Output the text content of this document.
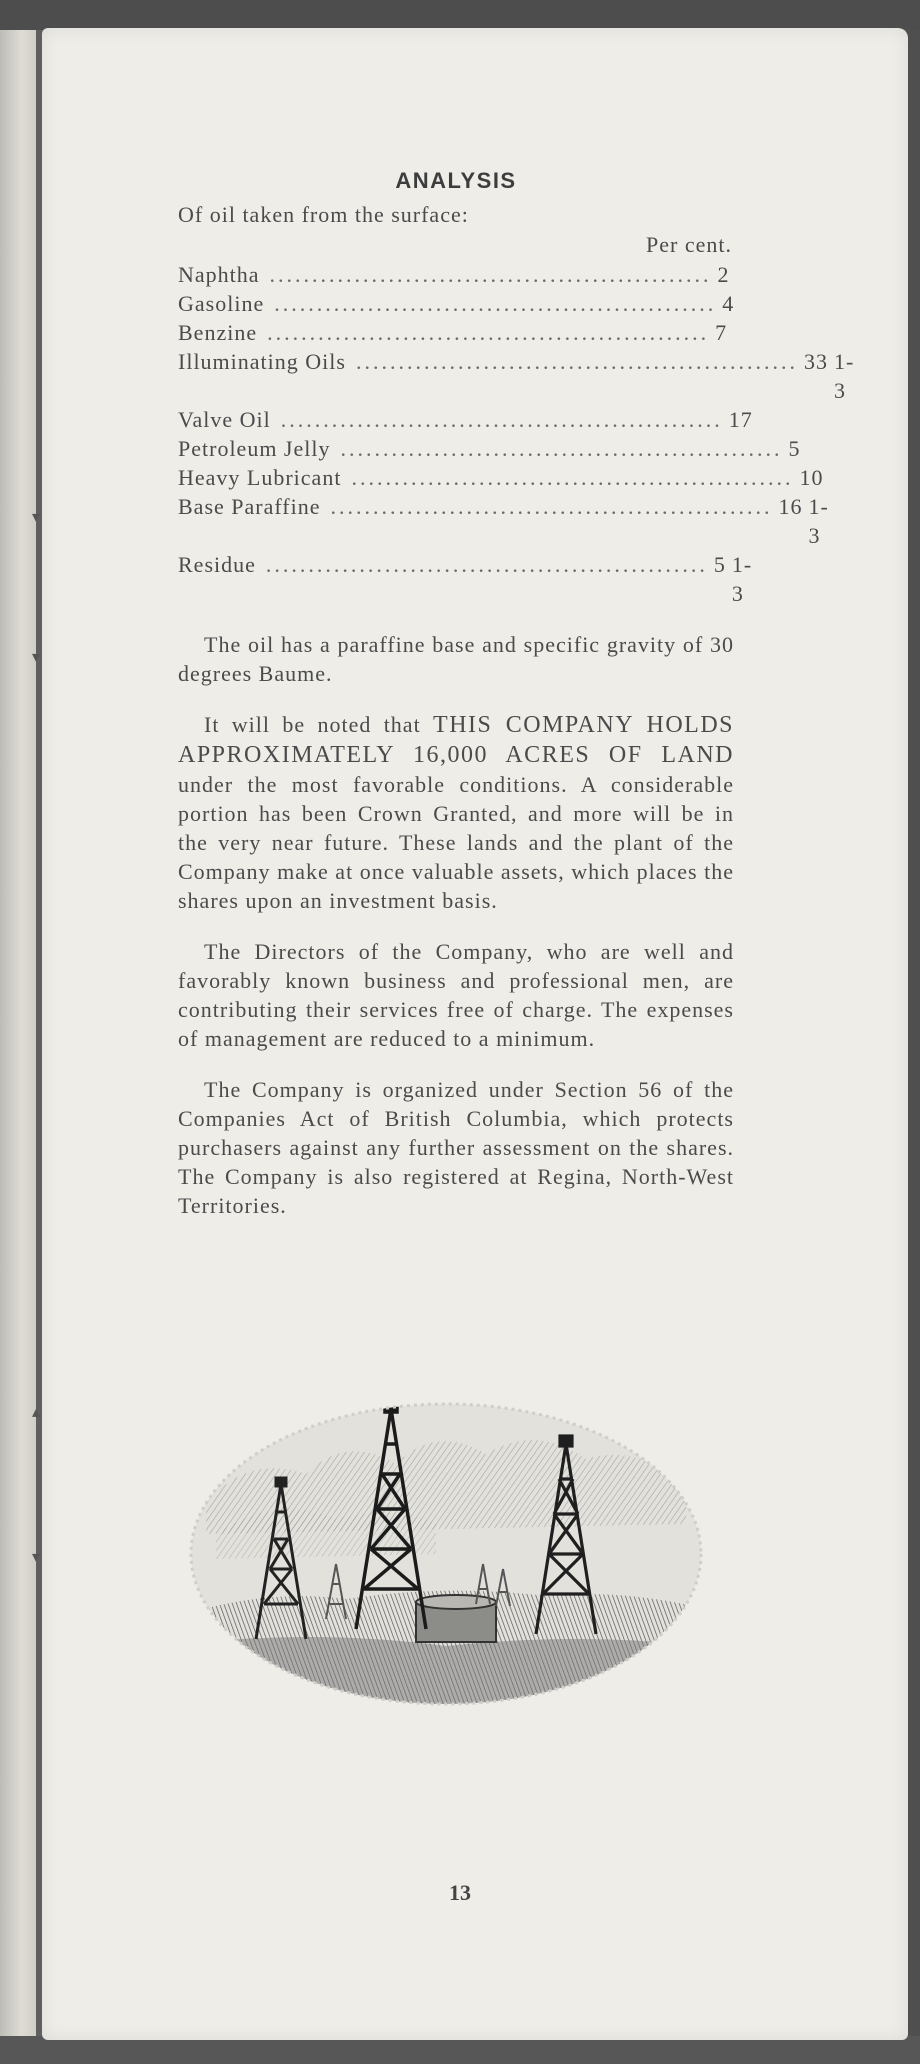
▾
▾
▴
▾
ANALYSIS

Of oil taken from the surface:

Per cent.
Naphtha .................................................... 2
Gasoline .................................................... 4
Benzine .................................................... 7
Illuminating Oils .................................................... 33 1-3
Valve Oil .................................................... 17
Petroleum Jelly .................................................... 5
Heavy Lubricant .................................................... 10
Base Paraffine .................................................... 16 1-3
Residue .................................................... 5 1-3

The oil has a paraffine base and specific gravity of 30 degrees Baume.

It will be noted that THIS COMPANY HOLDS APPROXIMATELY 16,000 ACRES OF LAND under the most favorable conditions. A considerable portion has been Crown Granted, and more will be in the very near future. These lands and the plant of the Company make at once valuable assets, which places the shares upon an investment basis.

The Directors of the Company, who are well and favorably known business and professional men, are contributing their services free of charge. The expenses of management are reduced to a minimum.

The Company is organized under Section 56 of the Companies Act of British Columbia, which protects purchasers against any further assessment on the shares. The Company is also registered at Regina, North-West Territories.

13
